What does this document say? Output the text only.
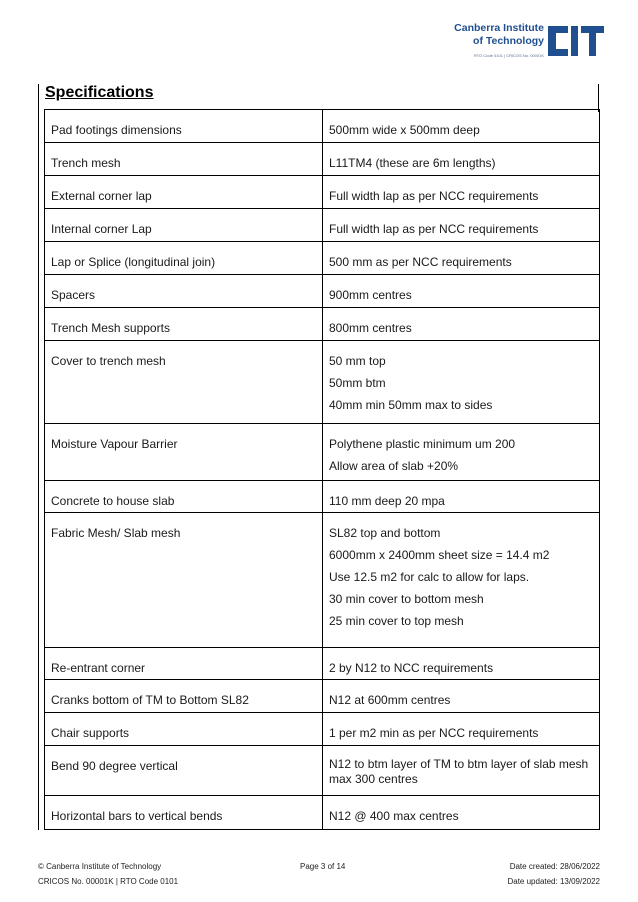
Canberra Institute
of Technology
RTO Code 0101 | CRICOS No. 00001K
Specifications
Pad footings dimensions	500mm wide x 500mm deep

Trench mesh	L11TM4 (these are 6m lengths)

External corner lap	Full width lap as per NCC requirements

Internal corner Lap	Full width lap as per NCC requirements

Lap or Splice (longitudinal join)	500 mm as per NCC requirements

Spacers	900mm centres

Trench Mesh supports	800mm centres

Cover to trench mesh	50 mm top
50mm btm
40mm min 50mm max to sides

Moisture Vapour Barrier	Polythene plastic minimum um 200
Allow area of slab +20%

Concrete to house slab	110 mm deep 20 mpa

Fabric Mesh/ Slab mesh	SL82 top and bottom
6000mm x 2400mm sheet size = 14.4 m2
Use 12.5 m2 for calc to allow for laps.
30 min cover to bottom mesh
25 min cover to top mesh

Re-entrant corner	2 by N12 to NCC requirements

Cranks bottom of TM to Bottom SL82	N12 at 600mm centres

Chair supports	1 per m2 min as per NCC requirements

Bend 90 degree vertical	N12 to btm layer of TM to btm layer of slab mesh max 300 centres

Horizontal bars to vertical bends	N12 @ 400 max centres
© Canberra Institute of Technology	Page 3 of 14	Date created: 28/06/2022
CRICOS No. 00001K | RTO Code 0101	Date updated: 13/09/2022
